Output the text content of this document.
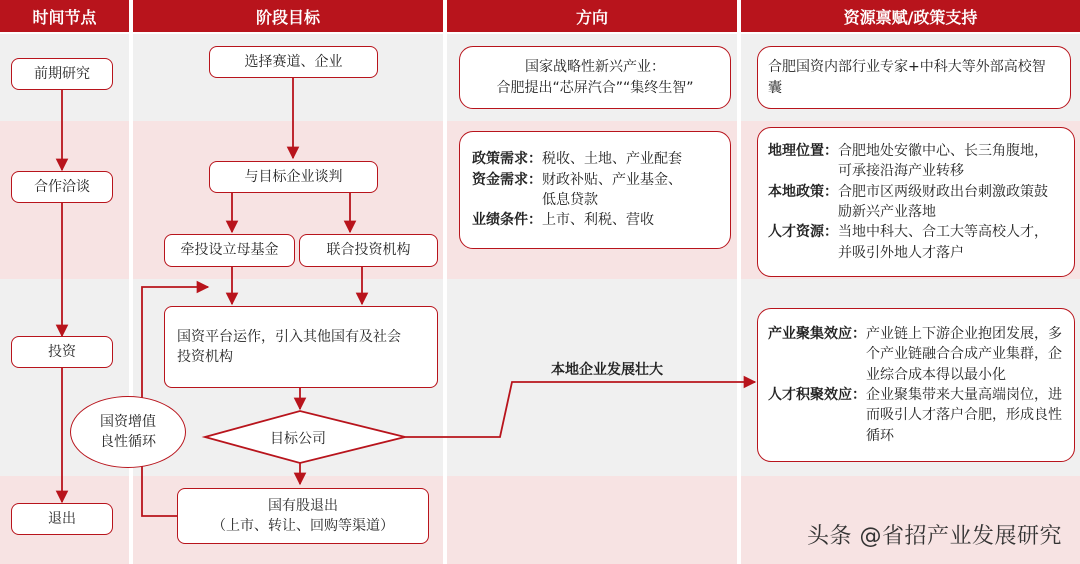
时间节点	阶段目标	方向	资源禀赋/政策支持
前期研究
合作洽谈
投资
退出
选择赛道、企业
与目标企业谈判
牵投设立母基金	联合投资机构
国资平台运作，引入其他国有及社会
投资机构
目标公司
国有股退出
（上市、转让、回购等渠道）
国资增值
良性循环
国家战略性新兴产业：
合肥提出“芯屏汽合”“集终生智”
政策需求： 税收、土地、产业配套
资金需求： 财政补贴、产业基金、低息贷款
业绩条件： 上市、利税、营收
本地企业发展壮大
合肥国资内部行业专家+中科大等外部高校智囊
地理位置： 合肥地处安徽中心、长三角腹地，可承接沿海产业转移
本地政策： 合肥市区两级财政出台刺激政策鼓励新兴产业落地
人才资源： 当地中科大、合工大等高校人才，并吸引外地人才落户
产业聚集效应： 产业链上下游企业抱团发展，多个产业链融合合成产业集群，企业综合成本得以最小化
人才积聚效应： 企业聚集带来大量高端岗位，进而吸引人才落户合肥，形成良性循环
头条 @省招产业发展研究
